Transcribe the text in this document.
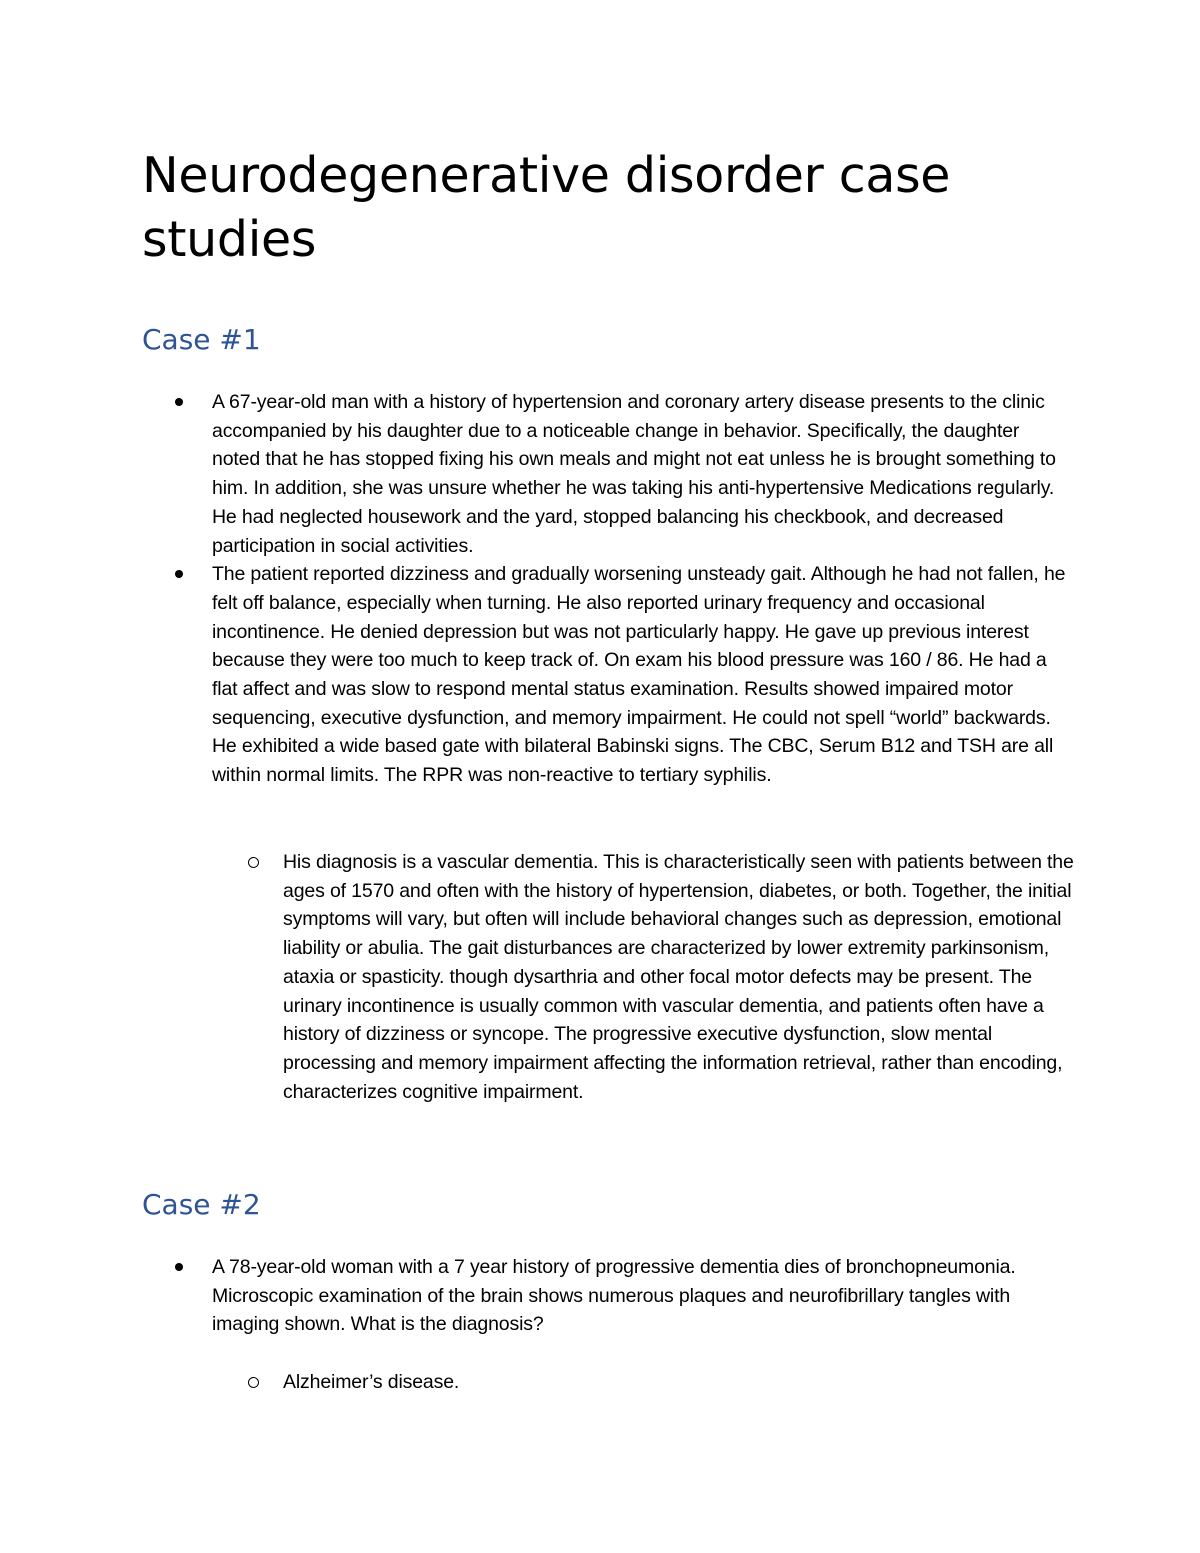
Neurodegenerative disorder case studies
Case #1
A 67-year-old man with a history of hypertension and coronary artery disease presents to the clinic accompanied by his daughter due to a noticeable change in behavior. Specifically, the daughter noted that he has stopped fixing his own meals and might not eat unless he is brought something to him. In addition, she was unsure whether he was taking his anti-hypertensive Medications regularly. He had neglected housework and the yard, stopped balancing his checkbook, and decreased participation in social activities.
The patient reported dizziness and gradually worsening unsteady gait. Although he had not fallen, he felt off balance, especially when turning. He also reported urinary frequency and occasional incontinence. He denied depression but was not particularly happy. He gave up previous interest because they were too much to keep track of. On exam his blood pressure was 160 / 86. He had a flat affect and was slow to respond mental status examination. Results showed impaired motor sequencing, executive dysfunction, and memory impairment. He could not spell “world” backwards. He exhibited a wide based gate with bilateral Babinski signs. The CBC, Serum B12 and TSH are all within normal limits. The RPR was non-reactive to tertiary syphilis.
His diagnosis is a vascular dementia. This is characteristically seen with patients between the ages of 1570 and often with the history of hypertension, diabetes, or both. Together, the initial symptoms will vary, but often will include behavioral changes such as depression, emotional liability or abulia. The gait disturbances are characterized by lower extremity parkinsonism, ataxia or spasticity. though dysarthria and other focal motor defects may be present. The urinary incontinence is usually common with vascular dementia, and patients often have a history of dizziness or syncope. The progressive executive dysfunction, slow mental processing and memory impairment affecting the information retrieval, rather than encoding, characterizes cognitive impairment.
Case #2
A 78-year-old woman with a 7 year history of progressive dementia dies of bronchopneumonia. Microscopic examination of the brain shows numerous plaques and neurofibrillary tangles with imaging shown. What is the diagnosis?
Alzheimer’s disease.
